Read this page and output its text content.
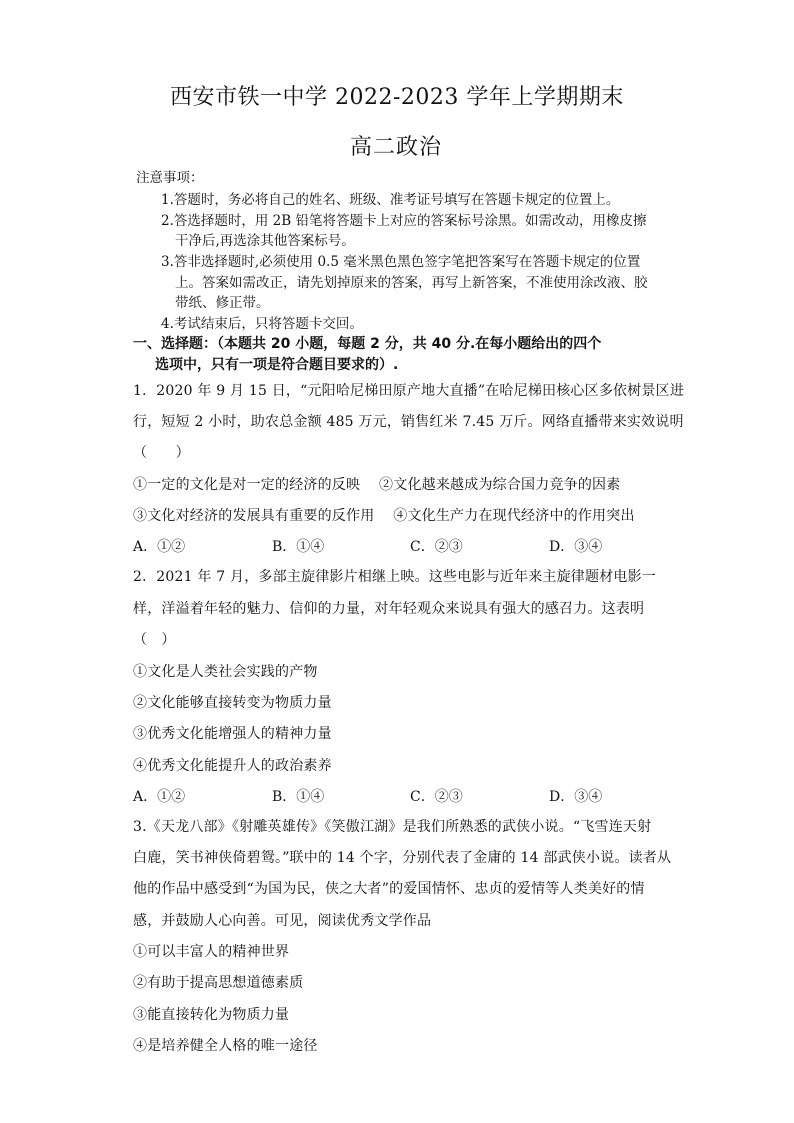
西安市铁一中学 2022-2023 学年上学期期末
高二政治
注意事项：
1.答题时，务必将自己的姓名、班级、准考证号填写在答题卡规定的位置上。
2.答选择题时，用 2B 铅笔将答题卡上对应的答案标号涂黑。如需改动，用橡皮擦
干净后,再选涂其他答案标号。
3.答非选择题时,必须使用 0.5 毫米黑色黑色签字笔把答案写在答题卡规定的位置
上。答案如需改正，请先划掉原来的答案，再写上新答案，不准使用涂改液、胶
带纸、修正带。
4.考试结束后，只将答题卡交回。
一、选择题：（本题共 20 小题，每题 2 分，共 40 分.在每小题给出的四个
选项中，只有一项是符合题目要求的）.
1．2020 年 9 月 15 日，“元阳哈尼梯田原产地大直播”在哈尼梯田核心区多依树景区进
行，短短 2 小时，助农总金额 485 万元，销售红米 7.45 万斤。网络直播带来实效说明
（　　）
①一定的文化是对一定的经济的反映　 ②文化越来越成为综合国力竞争的因素
③文化对经济的发展具有重要的反作用　 ④文化生产力在现代经济中的作用突出
A．①②	B．①④	C．②③	D．③④
2．2021 年 7 月，多部主旋律影片相继上映。这些电影与近年来主旋律题材电影一
样，洋溢着年轻的魅力、信仰的力量，对年轻观众来说具有强大的感召力。这表明
（　）
①文化是人类社会实践的产物
②文化能够直接转变为物质力量
③优秀文化能增强人的精神力量
④优秀文化能提升人的政治素养
A．①②	B．①④	C．②③	D．③④
3.《天龙八部》《射雕英雄传》《笑傲江湖》是我们所熟悉的武侠小说。“飞雪连天射
白鹿，笑书神侠倚碧鸳。”联中的 14 个字，分别代表了金庸的 14 部武侠小说。读者从
他的作品中感受到“为国为民，侠之大者”的爱国情怀、忠贞的爱情等人类美好的情
感，并鼓励人心向善。可见，阅读优秀文学作品
①可以丰富人的精神世界
②有助于提高思想道德素质
③能直接转化为物质力量
④是培养健全人格的唯一途径
